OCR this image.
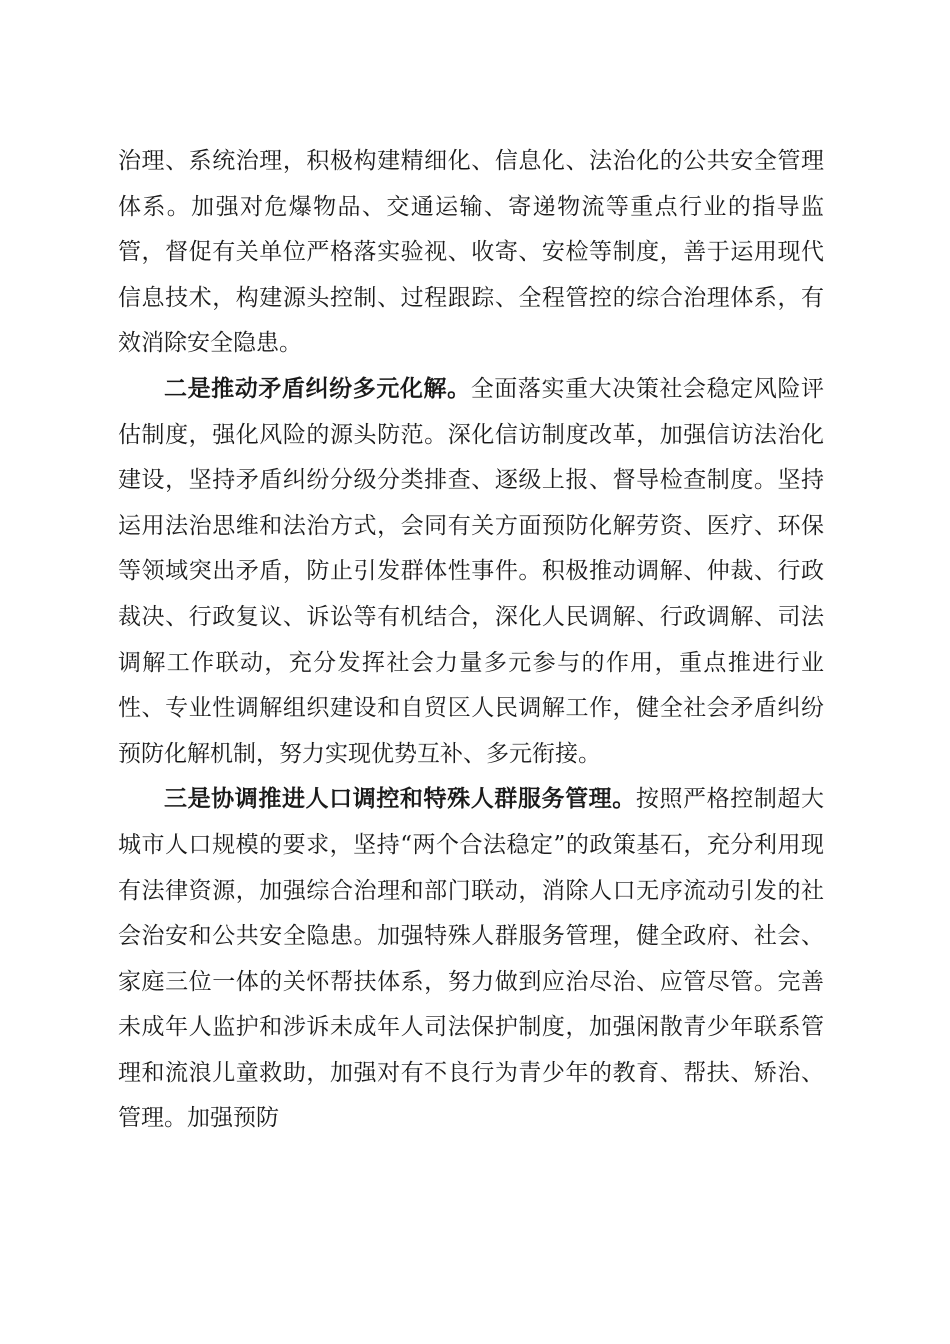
治理、系统治理，积极构建精细化、信息化、法治化的公共安全管理体系。加强对危爆物品、交通运输、寄递物流等重点行业的指导监管，督促有关单位严格落实验视、收寄、安检等制度，善于运用现代信息技术，构建源头控制、过程跟踪、全程管控的综合治理体系，有效消除安全隐患。

二是推动矛盾纠纷多元化解。全面落实重大决策社会稳定风险评估制度，强化风险的源头防范。深化信访制度改革，加强信访法治化建设，坚持矛盾纠纷分级分类排查、逐级上报、督导检查制度。坚持运用法治思维和法治方式，会同有关方面预防化解劳资、医疗、环保等领域突出矛盾，防止引发群体性事件。积极推动调解、仲裁、行政裁决、行政复议、诉讼等有机结合，深化人民调解、行政调解、司法调解工作联动，充分发挥社会力量多元参与的作用，重点推进行业性、专业性调解组织建设和自贸区人民调解工作，健全社会矛盾纠纷预防化解机制，努力实现优势互补、多元衔接。

三是协调推进人口调控和特殊人群服务管理。按照严格控制超大城市人口规模的要求，坚持“两个合法稳定”的政策基石，充分利用现有法律资源，加强综合治理和部门联动，消除人口无序流动引发的社会治安和公共安全隐患。加强特殊人群服务管理，健全政府、社会、家庭三位一体的关怀帮扶体系，努力做到应治尽治、应管尽管。完善未成年人监护和涉诉未成年人司法保护制度，加强闲散青少年联系管理和流浪儿童救助，加强对有不良行为青少年的教育、帮扶、矫治、管理。加强预防
